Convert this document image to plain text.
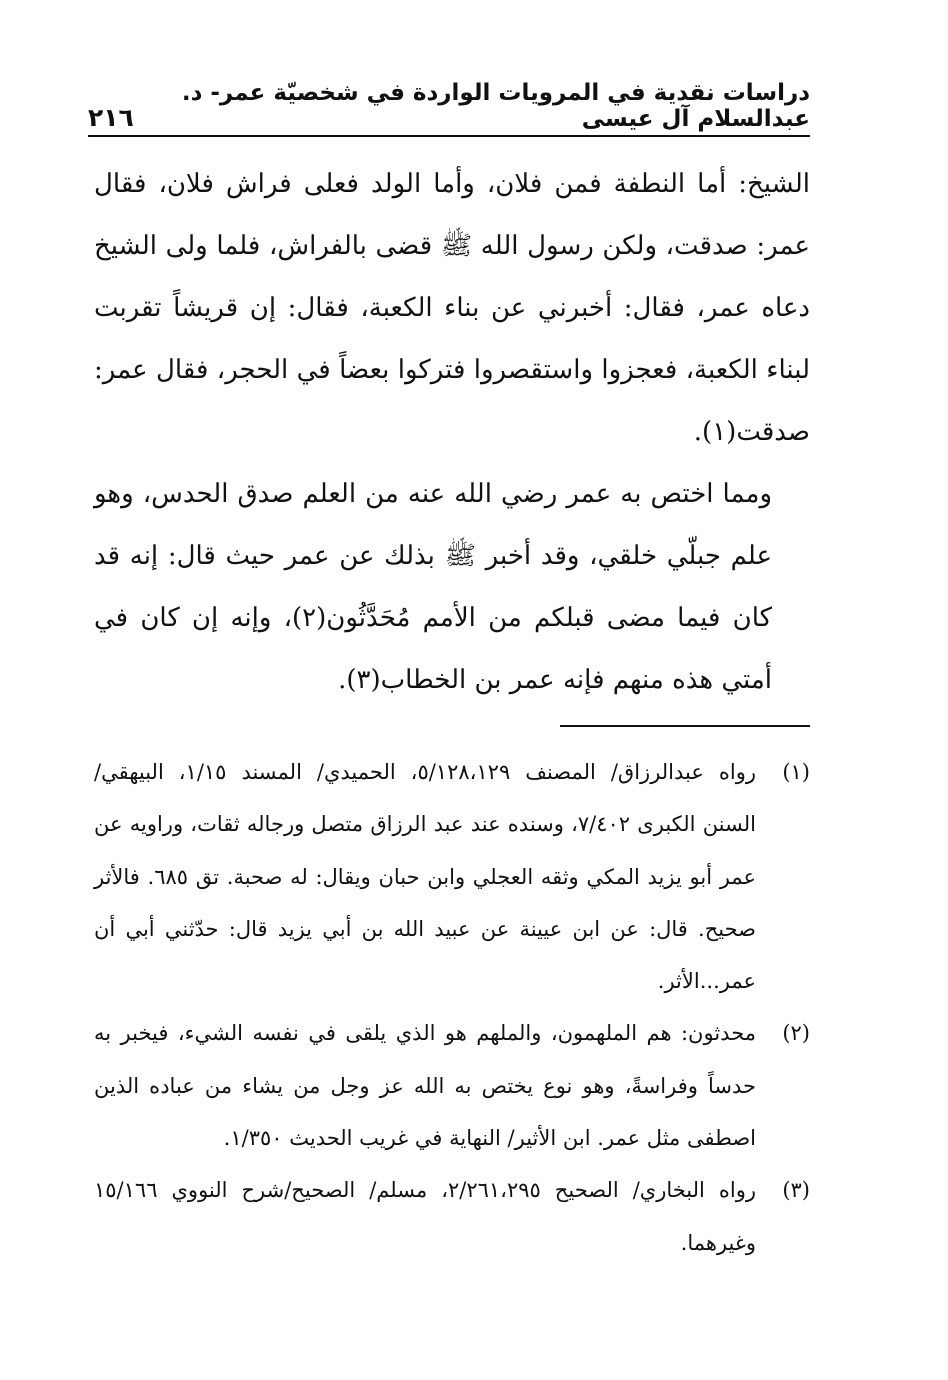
دراسات نقدية في المرويات الواردة في شخصيّة عمر- د. عبدالسلام آل عيسى
٢١٦

الشيخ: أما النطفة فمن فلان، وأما الولد فعلى فراش فلان، فقال عمر: صدقت، ولكن رسول الله ﷺ قضى بالفراش، فلما ولى الشيخ دعاه عمر، فقال: أخبرني عن بناء الكعبة، فقال: إن قريشاً تقربت لبناء الكعبة، فعجزوا واستقصروا فتركوا بعضاً في الحجر، فقال عمر: صدقت(١).

ومما اختص به عمر رضي الله عنه من العلم صدق الحدس، وهو علم جبلّي خلقي، وقد أخبر ﷺ بذلك عن عمر حيث قال: إنه قد كان فيما مضى قبلكم من الأمم مُحَدَّثُون(٢)، وإنه إن كان في أمتي هذه منهم فإنه عمر بن الخطاب(٣).

(١)
رواه عبدالرزاق/ المصنف ٥/١٢٨،١٢٩، الحميدي/ المسند ١/١٥، البيهقي/ السنن الكبرى ٧/٤٠٢، وسنده عند عبد الرزاق متصل ورجاله ثقات، وراويه عن عمر أبو يزيد المكي وثقه العجلي وابن حبان ويقال: له صحبة. تق ٦٨٥. فالأثر صحيح. قال: عن ابن عيينة عن عبيد الله بن أبي يزيد قال: حدّثني أبي أن عمر...الأثر.
(٢)
محدثون: هم الملهمون، والملهم هو الذي يلقى في نفسه الشيء، فيخبر به حدساً وفراسةً، وهو نوع يختص به الله عز وجل من يشاء من عباده الذين اصطفى مثل عمر. ابن الأثير/ النهاية في غريب الحديث ١/٣٥٠.
(٣)
رواه البخاري/ الصحيح ٢/٢٦١،٢٩٥، مسلم/ الصحيح/شرح النووي ١٥/١٦٦ وغيرهما.
